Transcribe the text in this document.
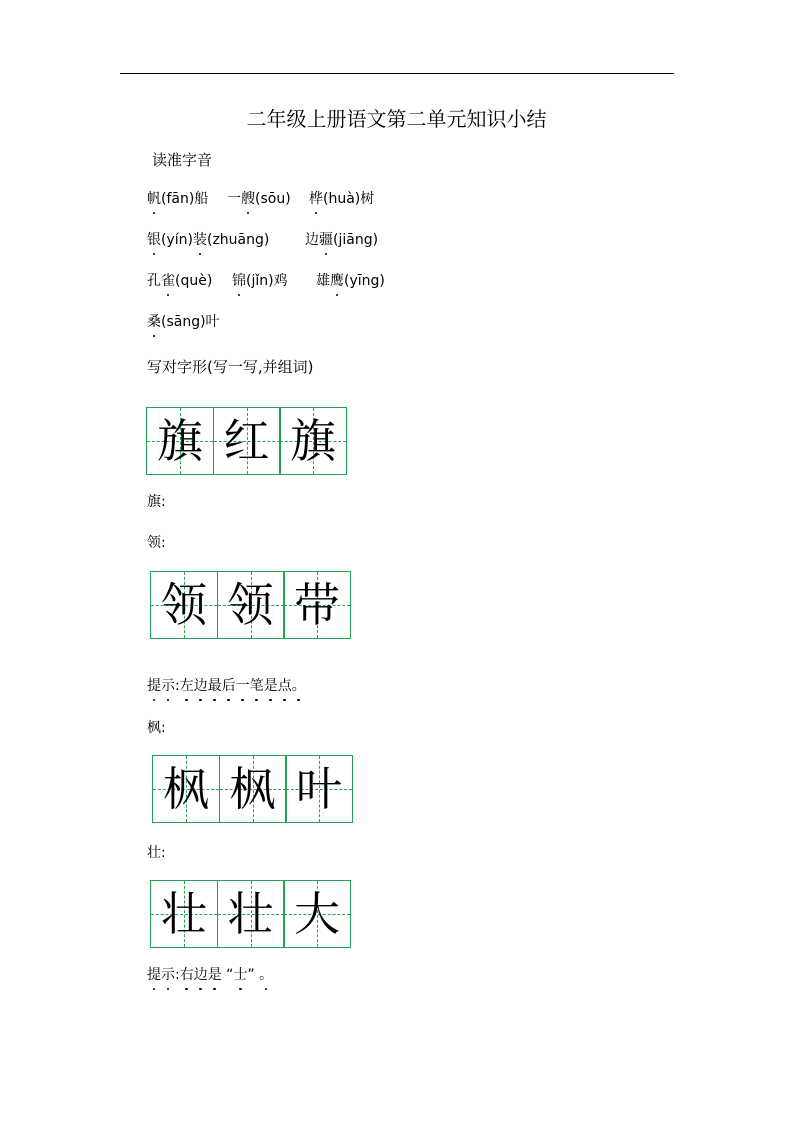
二年级上册语文第二单元知识小结
读准字音
帆(fān)船 一艘(sōu) 桦(huà)树
银(yín)装(zhuāng)	边疆(jiāng)
孔雀(què) 锦(jǐn)鸡 雄鹰(yīng)
桑(sāng)叶
写对字形(写一写,并组词)
旗 红 旗
旗:
领:
领 领 带
提示:左边最后一笔是点。
枫:
枫 枫 叶
壮:
壮 壮 大
提示:右边是 “士” 。
